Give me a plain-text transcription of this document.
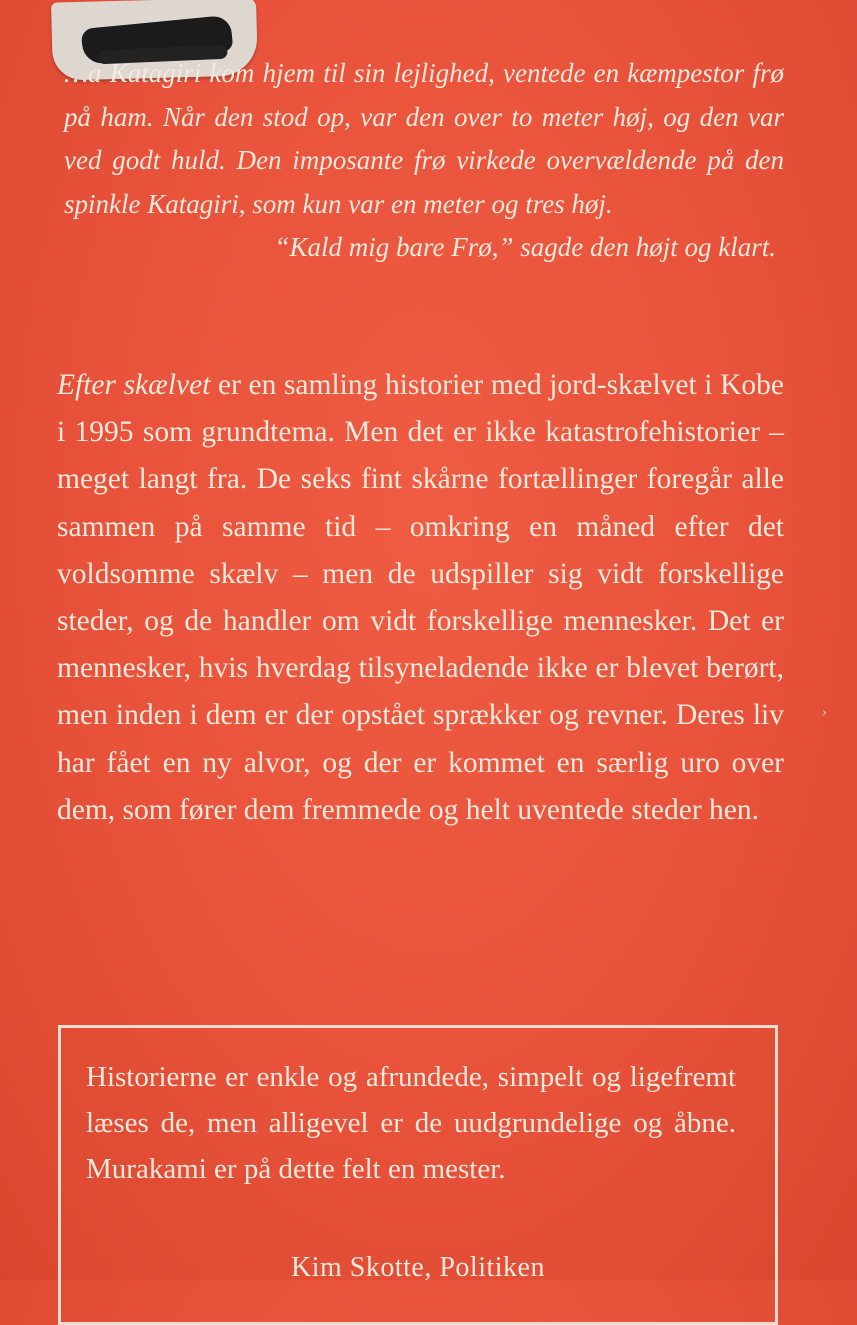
…a Katagiri kom hjem til sin lejlighed, ventede en kæmpestor frø på ham. Når den stod op, var den over to meter høj, og den var ved godt huld. Den imposante frø virkede overvældende på den spinkle Katagiri, som kun var en meter og tres høj.

“Kald mig bare Frø,” sagde den højt og klart.

Efter skælvet er en samling historier med jord-skælvet i Kobe i 1995 som grundtema. Men det er ikke katastrofehistorier – meget langt fra. De seks fint skårne fortællinger foregår alle sammen på samme tid – omkring en måned efter det voldsomme skælv – men de udspiller sig vidt forskellige steder, og de handler om vidt forskellige mennesker. Det er mennesker, hvis hverdag tilsyneladende ikke er blevet berørt, men inden i dem er der opstået sprækker og revner. Deres liv har fået en ny alvor, og der er kommet en særlig uro over dem, som fører dem fremmede og helt uventede steder hen.

›

Historierne er enkle og afrundede, simpelt og ligefremt læses de, men alligevel er de uudgrundelige og åbne. Murakami er på dette felt en mester.

Kim Skotte, Politiken
